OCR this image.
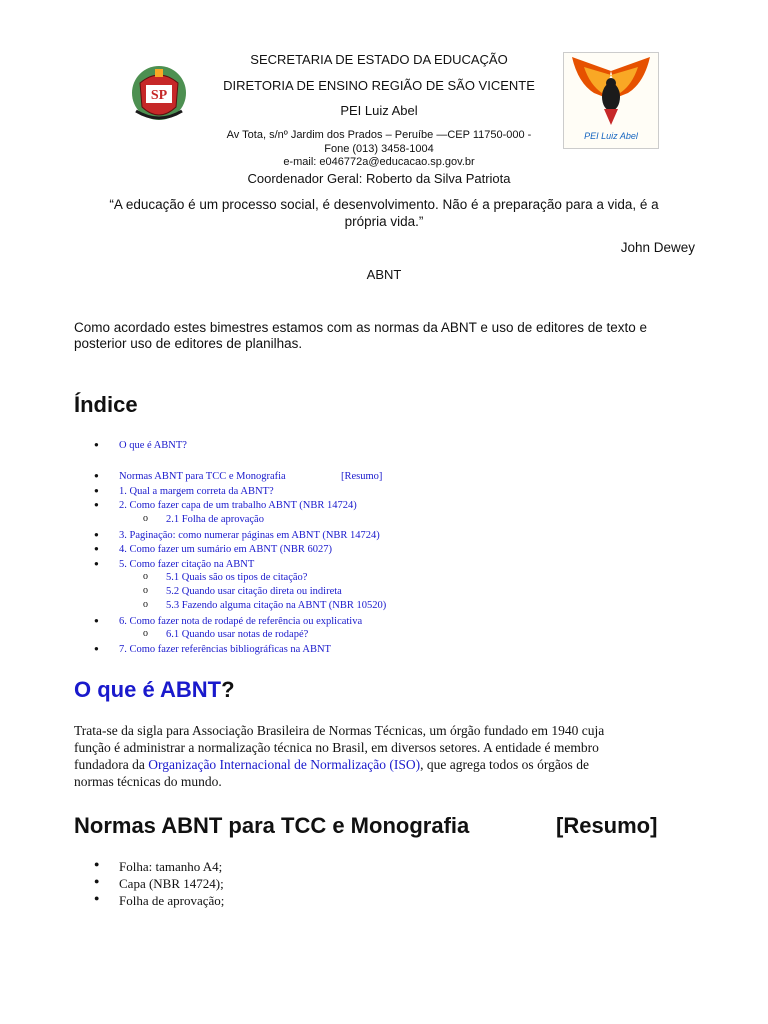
SP
PEI Luiz Abel
SECRETARIA DE ESTADO DA EDUCAÇÃO
DIRETORIA DE ENSINO REGIÃO DE SÃO VICENTE
PEI Luiz Abel
Av Tota, s/nº Jardim dos Prados – Peruíbe —CEP 11750-000 -
Fone (013) 3458-1004
e-mail: e046772a@educacao.sp.gov.br
Coordenador Geral: Roberto da Silva Patriota
“A educação é um processo social, é desenvolvimento. Não é a preparação para a vida, é a
própria vida.”
John Dewey
ABNT
Como acordado estes bimestres estamos com as normas da ABNT e uso de editores de texto e
posterior uso de editores de planilhas.
Índice
● O que é ABNT?
● Normas ABNT para TCC e Monografia	[Resumo]
● 1. Qual a margem correta da ABNT?
● 2. Como fazer capa de um trabalho ABNT (NBR 14724)
o 2.1 Folha de aprovação
● 3. Paginação: como numerar páginas em ABNT (NBR 14724)
● 4. Como fazer um sumário em ABNT (NBR 6027)
● 5. Como fazer citação na ABNT
o 5.1 Quais são os tipos de citação?
o 5.2 Quando usar citação direta ou indireta
o 5.3 Fazendo alguma citação na ABNT (NBR 10520)
● 6. Como fazer nota de rodapé de referência ou explicativa
o 6.1 Quando usar notas de rodapé?
● 7. Como fazer referências bibliográficas na ABNT
O que é ABNT?
Trata-se da sigla para Associação Brasileira de Normas Técnicas, um órgão fundado em 1940 cuja
função é administrar a normalização técnica no Brasil, em diversos setores. A entidade é membro
fundadora da Organização Internacional de Normalização (ISO), que agrega todos os órgãos de
normas técnicas do mundo.
Normas ABNT para TCC e Monografia	[Resumo]
● Folha: tamanho A4;
● Capa (NBR 14724);
● Folha de aprovação;
